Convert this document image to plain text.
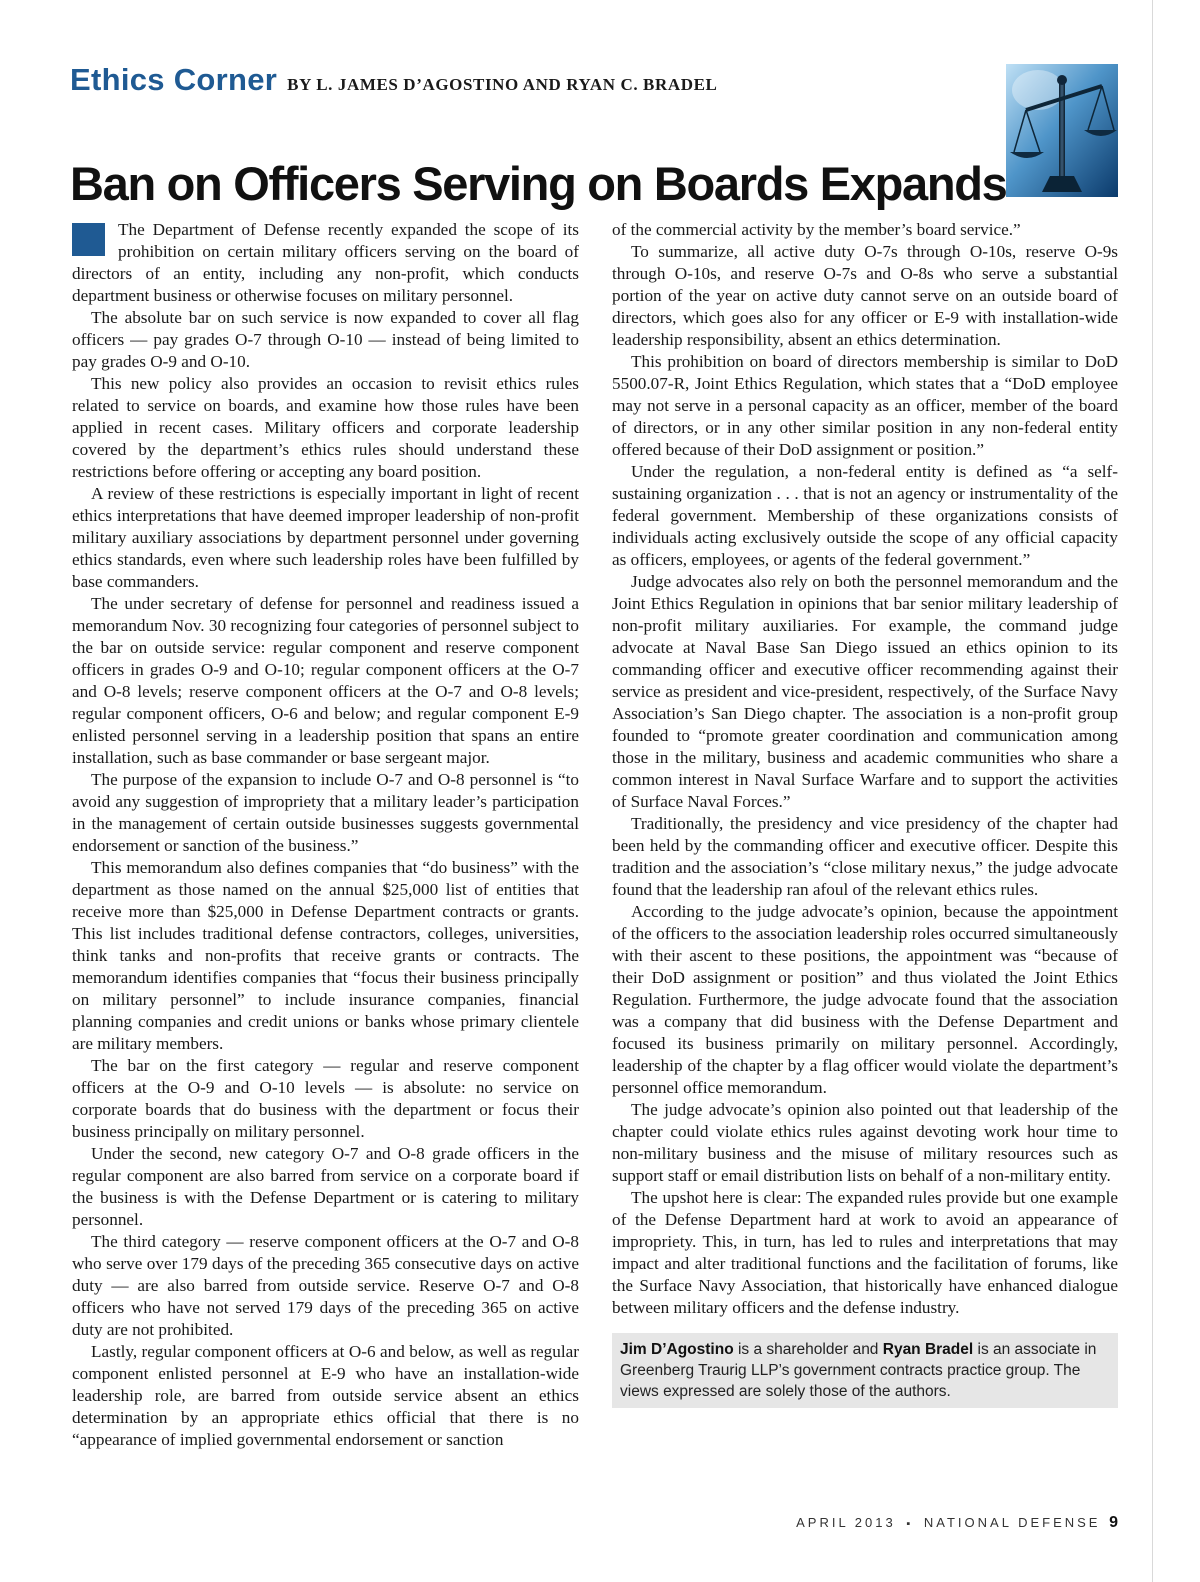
Ethics Corner BY L. JAMES D’AGOSTINO AND RYAN C. BRADEL
Ban on Officers Serving on Boards Expands

The Department of Defense recently expanded the scope of its prohibition on certain military officers serving on the board of directors of an entity, including any non-profit, which conducts department business or otherwise focuses on military personnel.

The absolute bar on such service is now expanded to cover all flag officers — pay grades O-7 through O-10 — instead of being limited to pay grades O-9 and O-10.

This new policy also provides an occasion to revisit ethics rules related to service on boards, and examine how those rules have been applied in recent cases. Military officers and corporate leadership covered by the department’s ethics rules should understand these restrictions before offering or accepting any board position.

A review of these restrictions is especially important in light of recent ethics interpretations that have deemed improper leadership of non-profit military auxiliary associations by department personnel under governing ethics standards, even where such leadership roles have been fulfilled by base commanders.

The under secretary of defense for personnel and readiness issued a memorandum Nov. 30 recognizing four categories of personnel subject to the bar on outside service: regular component and reserve component officers in grades O-9 and O-10; regular component officers at the O-7 and O-8 levels; reserve component officers at the O-7 and O-8 levels; regular component officers, O-6 and below; and regular component E-9 enlisted personnel serving in a leadership position that spans an entire installation, such as base commander or base sergeant major.

The purpose of the expansion to include O-7 and O-8 personnel is “to avoid any suggestion of impropriety that a military leader’s participation in the management of certain outside businesses suggests governmental endorsement or sanction of the business.”

This memorandum also defines companies that “do business” with the department as those named on the annual $25,000 list of entities that receive more than $25,000 in Defense Department contracts or grants. This list includes traditional defense contractors, colleges, universities, think tanks and non-profits that receive grants or contracts. The memorandum identifies companies that “focus their business principally on military personnel” to include insurance companies, financial planning companies and credit unions or banks whose primary clientele are military members.

The bar on the first category — regular and reserve component officers at the O-9 and O-10 levels — is absolute: no service on corporate boards that do business with the department or focus their business principally on military personnel.

Under the second, new category O-7 and O-8 grade officers in the regular component are also barred from service on a corporate board if the business is with the Defense Department or is catering to military personnel.

The third category — reserve component officers at the O-7 and O-8 who serve over 179 days of the preceding 365 consecutive days on active duty — are also barred from outside service. Reserve O-7 and O-8 officers who have not served 179 days of the preceding 365 on active duty are not prohibited.

Lastly, regular component officers at O-6 and below, as well as regular component enlisted personnel at E-9 who have an installation-wide leadership role, are barred from outside service absent an ethics determination by an appropriate ethics official that there is no “appearance of implied governmental endorsement or sanction

of the commercial activity by the member’s board service.”

To summarize, all active duty O-7s through O-10s, reserve O-9s through O-10s, and reserve O-7s and O-8s who serve a substantial portion of the year on active duty cannot serve on an outside board of directors, which goes also for any officer or E-9 with installation-wide leadership responsibility, absent an ethics determination.

This prohibition on board of directors membership is similar to DoD 5500.07-R, Joint Ethics Regulation, which states that a “DoD employee may not serve in a personal capacity as an officer, member of the board of directors, or in any other similar position in any non-federal entity offered because of their DoD assignment or position.”

Under the regulation, a non-federal entity is defined as “a self-sustaining organization . . . that is not an agency or instrumentality of the federal government. Membership of these organizations consists of individuals acting exclusively outside the scope of any official capacity as officers, employees, or agents of the federal government.”

Judge advocates also rely on both the personnel memorandum and the Joint Ethics Regulation in opinions that bar senior military leadership of non-profit military auxiliaries. For example, the command judge advocate at Naval Base San Diego issued an ethics opinion to its commanding officer and executive officer recommending against their service as president and vice-president, respectively, of the Surface Navy Association’s San Diego chapter. The association is a non-profit group founded to “promote greater coordination and communication among those in the military, business and academic communities who share a common interest in Naval Surface Warfare and to support the activities of Surface Naval Forces.”

Traditionally, the presidency and vice presidency of the chapter had been held by the commanding officer and executive officer. Despite this tradition and the association’s “close military nexus,” the judge advocate found that the leadership ran afoul of the relevant ethics rules.

According to the judge advocate’s opinion, because the appointment of the officers to the association leadership roles occurred simultaneously with their ascent to these positions, the appointment was “because of their DoD assignment or position” and thus violated the Joint Ethics Regulation. Furthermore, the judge advocate found that the association was a company that did business with the Defense Department and focused its business primarily on military personnel. Accordingly, leadership of the chapter by a flag officer would violate the department’s personnel office memorandum.

The judge advocate’s opinion also pointed out that leadership of the chapter could violate ethics rules against devoting work hour time to non-military business and the misuse of military resources such as support staff or email distribution lists on behalf of a non-military entity.

The upshot here is clear: The expanded rules provide but one example of the Defense Department hard at work to avoid an appearance of impropriety. This, in turn, has led to rules and interpretations that may impact and alter traditional functions and the facilitation of forums, like the Surface Navy Association, that historically have enhanced dialogue between military officers and the defense industry.

Jim D’Agostino is a shareholder and Ryan Bradel is an associate in Greenberg Traurig LLP’s government contracts practice group. The views expressed are solely those of the authors.
APRIL 2013 ▪ NATIONAL DEFENSE 9
